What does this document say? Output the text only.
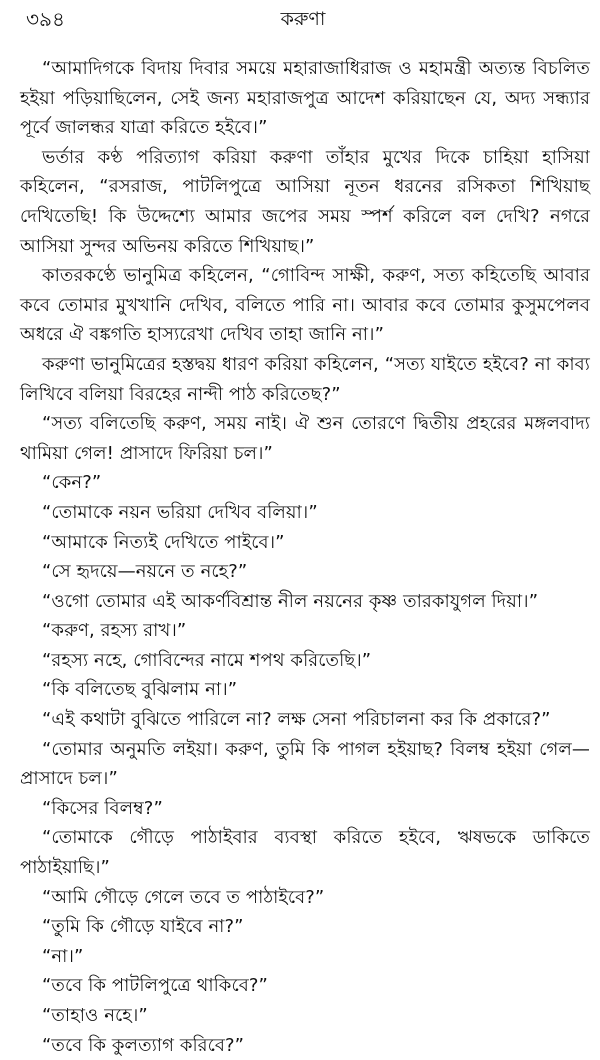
৩৯৪	করুণা

“আমাদিগকে বিদায় দিবার সময়ে মহারাজাধিরাজ ও মহামন্ত্রী অত্যন্ত বিচলিত হইয়া পড়িয়াছিলেন, সেই জন্য মহারাজপুত্র আদেশ করিয়াছেন যে, অদ্য সন্ধ্যার পূর্বে জালন্ধর যাত্রা করিতে হইবে।”

ভর্তার কণ্ঠ পরিত্যাগ করিয়া করুণা তাঁহার মুখের দিকে চাহিয়া হাসিয়া কহিলেন, “রসরাজ, পাটলিপুত্রে আসিয়া নূতন ধরনের রসিকতা শিখিয়াছ দেখিতেছি! কি উদ্দেশ্যে আমার জপের সময় স্পর্শ করিলে বল দেখি? নগরে আসিয়া সুন্দর অভিনয় করিতে শিখিয়াছ।”

কাতরকণ্ঠে ভানুমিত্র কহিলেন, “গোবিন্দ সাক্ষী, করুণ, সত্য কহিতেছি আবার কবে তোমার মুখখানি দেখিব, বলিতে পারি না। আবার কবে তোমার কুসুমপেলব অধরে ঐ বঙ্কগতি হাস্যরেখা দেখিব তাহা জানি না।”

করুণা ভানুমিত্রের হস্তদ্বয় ধারণ করিয়া কহিলেন, “সত্য যাইতে হইবে? না কাব্য লিখিবে বলিয়া বিরহের নান্দী পাঠ করিতেছ?”

“সত্য বলিতেছি করুণ, সময় নাই। ঐ শুন তোরণে দ্বিতীয় প্রহরের মঙ্গলবাদ্য থামিয়া গেল! প্রাসাদে ফিরিয়া চল।”

“কেন?”

“তোমাকে নয়ন ভরিয়া দেখিব বলিয়া।”

“আমাকে নিত্যই দেখিতে পাইবে।”

“সে হৃদয়ে—নয়নে ত নহে?”

“ওগো তোমার এই আকর্ণবিশ্রান্ত নীল নয়নের কৃষ্ণ তারকাযুগল দিয়া।”

“করুণ, রহস্য রাখ।”

“রহস্য নহে, গোবিন্দের নামে শপথ করিতেছি।”

“কি বলিতেছ বুঝিলাম না।”

“এই কথাটা বুঝিতে পারিলে না? লক্ষ সেনা পরিচালনা কর কি প্রকারে?”

“তোমার অনুমতি লইয়া। করুণ, তুমি কি পাগল হইয়াছ? বিলম্ব হইয়া গেল—প্রাসাদে চল।”

“কিসের বিলম্ব?”

“তোমাকে গৌড়ে পাঠাইবার ব্যবস্থা করিতে হইবে, ঋষভকে ডাকিতে পাঠাইয়াছি।”

“আমি গৌড়ে গেলে তবে ত পাঠাইবে?”

“তুমি কি গৌড়ে যাইবে না?”

“না।”

“তবে কি পাটলিপুত্রে থাকিবে?”

“তাহাও নহে।”

“তবে কি কুলত্যাগ করিবে?”
